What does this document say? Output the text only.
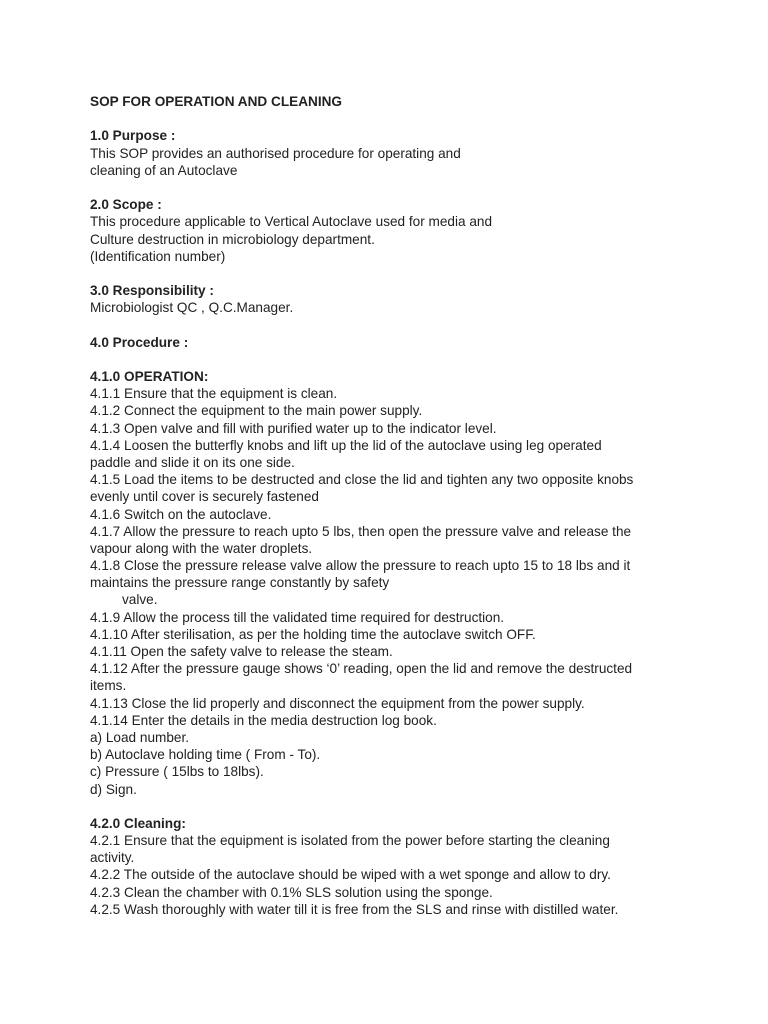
SOP FOR OPERATION AND CLEANING
1.0 Purpose :
This SOP provides an authorised procedure for operating and
cleaning of an Autoclave
2.0 Scope :
This procedure applicable to Vertical Autoclave used for media and
Culture destruction in microbiology department.
(Identification number)
3.0 Responsibility :
Microbiologist QC , Q.C.Manager.
4.0 Procedure :
4.1.0 OPERATION:
4.1.1 Ensure that the equipment is clean.
4.1.2 Connect the equipment to the main power supply.
4.1.3 Open valve and fill with purified water up to the indicator level.
4.1.4 Loosen the butterfly knobs and lift up the lid of the autoclave using leg operated
paddle and slide it on its one side.
4.1.5 Load the items to be destructed and close the lid and tighten any two opposite knobs
evenly until cover is securely fastened
4.1.6 Switch on the autoclave.
4.1.7 Allow the pressure to reach upto 5 lbs, then open the pressure valve and release the
vapour along with the water droplets.
4.1.8 Close the pressure release valve allow the pressure to reach upto 15 to 18 lbs and it
maintains the pressure range constantly by safety
valve.
4.1.9 Allow the process till the validated time required for destruction.
4.1.10 After sterilisation, as per the holding time the autoclave switch OFF.
4.1.11 Open the safety valve to release the steam.
4.1.12 After the pressure gauge shows ‘0’ reading, open the lid and remove the destructed
items.
4.1.13 Close the lid properly and disconnect the equipment from the power supply.
4.1.14 Enter the details in the media destruction log book.
a) Load number.
b) Autoclave holding time ( From - To).
c) Pressure ( 15lbs to 18lbs).
d) Sign.
4.2.0 Cleaning:
4.2.1 Ensure that the equipment is isolated from the power before starting the cleaning
activity.
4.2.2 The outside of the autoclave should be wiped with a wet sponge and allow to dry.
4.2.3 Clean the chamber with 0.1% SLS solution using the sponge.
4.2.5 Wash thoroughly with water till it is free from the SLS and rinse with distilled water.
